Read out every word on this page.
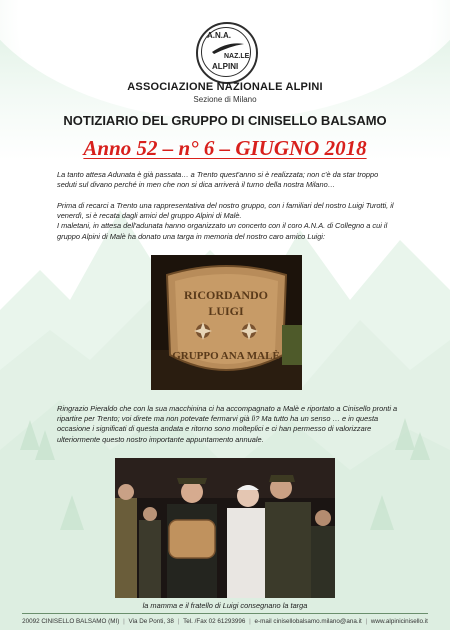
A.N.A.
NAZ.LE
ALPINI
ASSOCIAZIONE NAZIONALE ALPINI
Sezione di Milano
NOTIZIARIO DEL GRUPPO DI CINISELLO BALSAMO
Anno 52 – n° 6 – GIUGNO 2018
La tanto attesa Adunata è già passata… a Trento quest'anno si è realizzata; non c'è da star troppo seduti sul divano perché in men che non si dica arriverà il turno della nostra Milano…
Prima di recarci a Trento una rappresentativa del nostro gruppo, con i familiari del nostro Luigi Turotti, il venerdì, si è recata dagli amici del gruppo Alpini di Malè.
I maletani, in attesa dell'adunata hanno organizzato un concerto con il coro A.N.A. di Collegno a cui il gruppo Alpini di Malè ha donato una targa in memoria del nostro caro amico Luigi:
RICORDANDO
LUIGI
GRUPPO ANA MALÈ
Ringrazio Pieraldo che con la sua macchinina ci ha accompagnato a Malè e riportato a Cinisello pronti a ripartire per Trento; voi direte ma non potevate fermarvi già lì? Ma tutto ha un senso … e in questa occasione i significati di questa andata e ritorno sono molteplici e ci han permesso di valorizzare ulteriormente questo nostro importante appuntamento annuale.
la mamma e il fratello di Luigi consegnano la targa
20092 CINISELLO BALSAMO (MI) | Via De Ponti, 38 | Tel. /Fax 02 61293996 | e-mail cinisellobalsamo.milano@ana.it | www.alpinicinisello.it
